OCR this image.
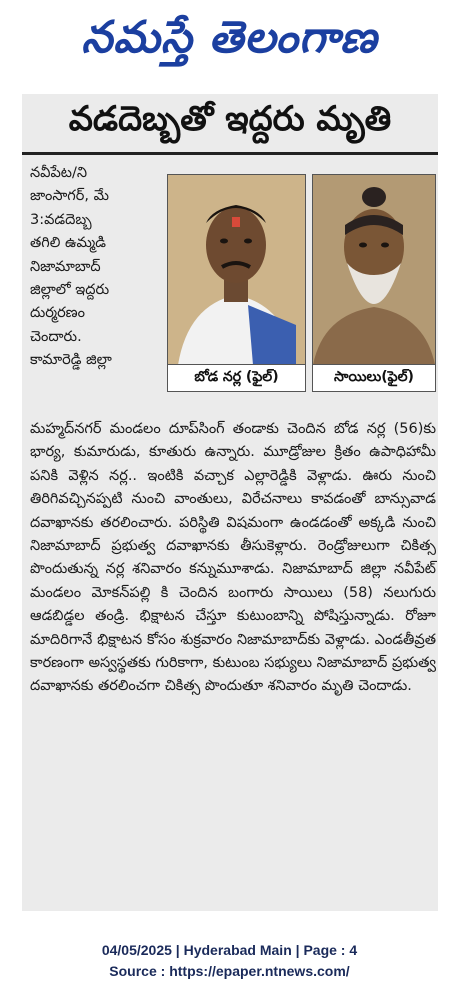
నమస్తే తెలంగాణ
వడదెబ్బతో ఇద్దరు మృతి
నవీపేట/ని
జాంసాగర్, మే
3:వడదెబ్బ
తగిలి ఉమ్మడి
నిజామాబాద్
జిల్లాలో ఇద్దరు
దుర్మరణం
చెందారు.
కామారెడ్డి జిల్లా
బోడ నర్ల (ఫైల్)	సాయిలు(ఫైల్)
మహ్మద్‌నగర్ మండలం దూప్‌సింగ్ తండాకు చెందిన బోడ నర్ల (56)కు భార్య, కుమారుడు, కూతురు ఉన్నారు. మూడ్రోజుల క్రితం ఉపాధిహామీ పనికి వెళ్లిన నర్ల.. ఇంటికి వచ్చాక ఎల్లారెడ్డికి వెళ్లాడు. ఊరు నుంచి తిరిగివచ్చినప్పటి నుంచి వాంతులు, విరేచనాలు కావడంతో బాన్సువాడ దవాఖానకు తరలించారు. పరిస్థితి విషమంగా ఉండడంతో అక్కడి నుంచి నిజామాబాద్ ప్రభుత్వ దవాఖానకు తీసుకెళ్లారు. రెండ్రోజులుగా చికిత్స పొందుతున్న నర్ల శనివారం కన్నుమూశాడు. నిజామాబాద్ జిల్లా నవీపేట్ మండలం మోకన్‌పల్లి కి చెందిన బంగారు సాయిలు (58) నలుగురు ఆడబిడ్డల తండ్రి. భిక్షాటన చేస్తూ కుటుంబాన్ని పోషిస్తున్నాడు. రోజూ మాదిరిగానే భిక్షాటన కోసం శుక్రవారం నిజామాబాద్‌కు వెళ్లాడు. ఎండతీవ్రత కారణంగా అస్వస్థతకు గురికాగా, కుటుంబ సభ్యులు నిజామాబాద్ ప్రభుత్వ దవాఖానకు తరలించగా చికిత్స పొందుతూ శనివారం మృతి చెందాడు.
04/05/2025 | Hyderabad Main | Page : 4
Source : https://epaper.ntnews.com/
